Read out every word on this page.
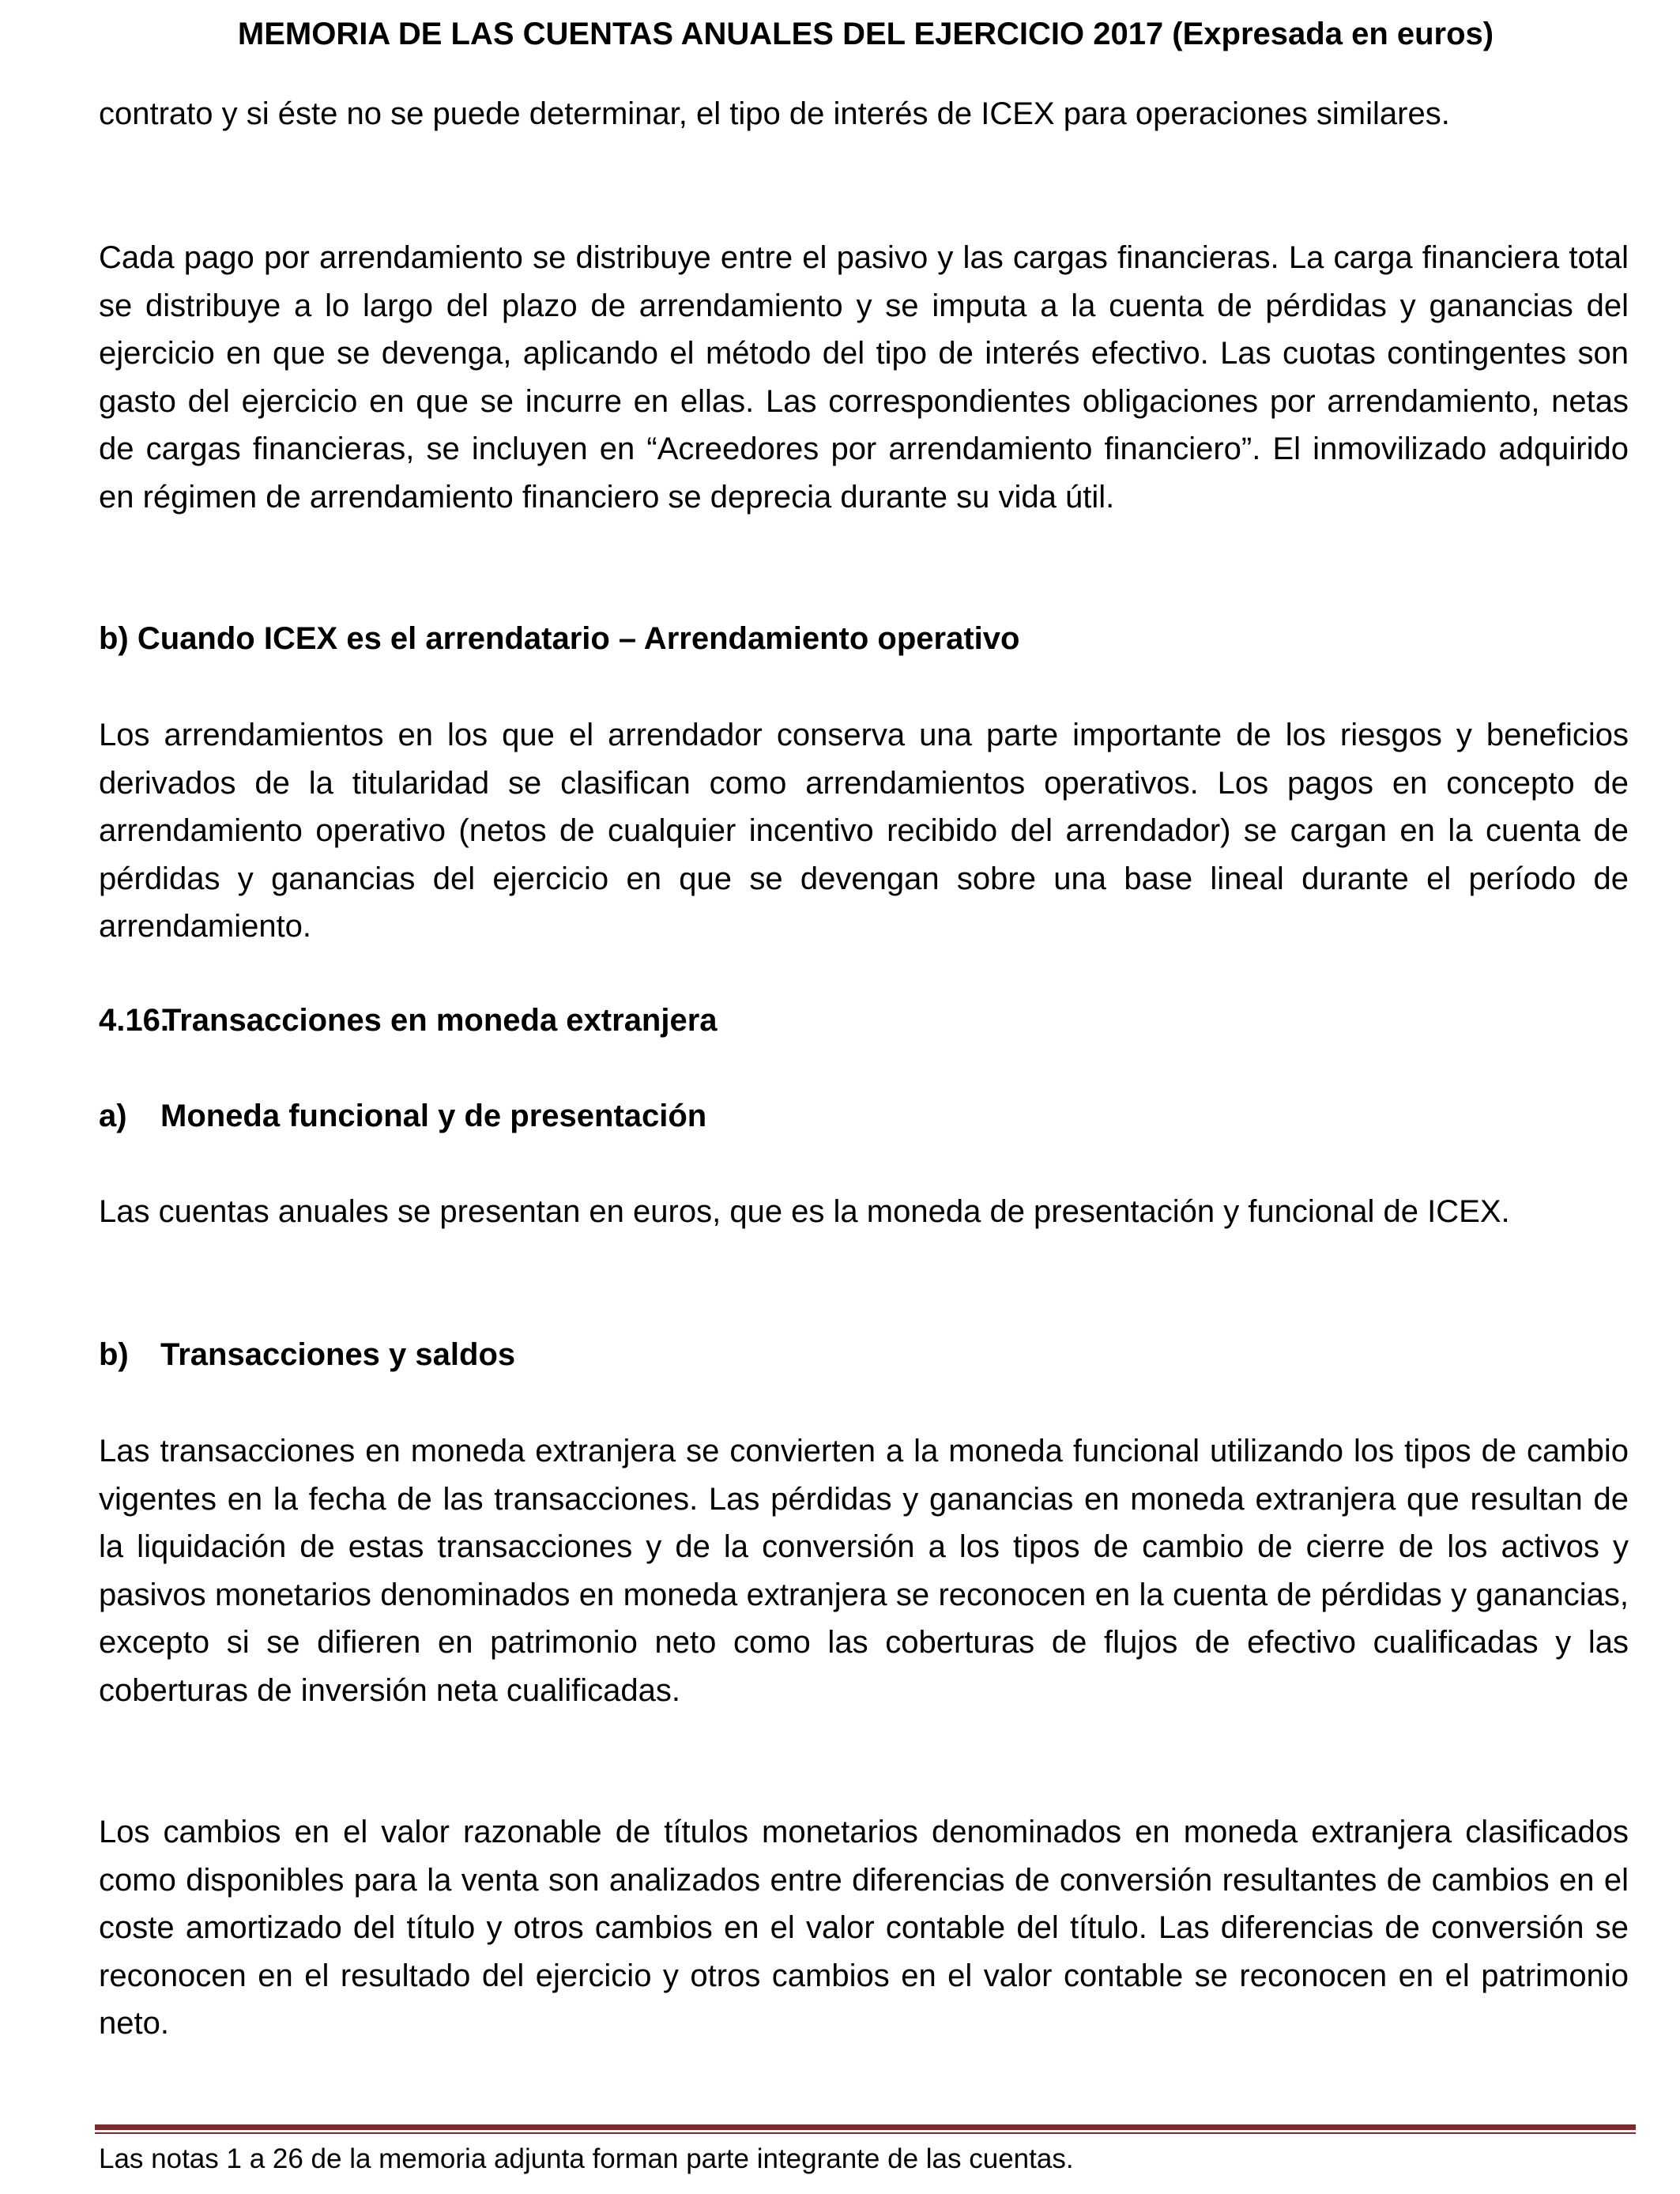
MEMORIA DE LAS CUENTAS ANUALES DEL EJERCICIO 2017 (Expresada en euros)

contrato y si éste no se puede determinar, el tipo de interés de ICEX para operaciones similares.

Cada pago por arrendamiento se distribuye entre el pasivo y las cargas financieras. La carga financiera total se distribuye a lo largo del plazo de arrendamiento y se imputa a la cuenta de pérdidas y ganancias del ejercicio en que se devenga, aplicando el método del tipo de interés efectivo. Las cuotas contingentes son gasto del ejercicio en que se incurre en ellas. Las correspondientes obligaciones por arrendamiento, netas de cargas financieras, se incluyen en “Acreedores por arrendamiento financiero”. El inmovilizado adquirido en régimen de arrendamiento financiero se deprecia durante su vida útil.

b) Cuando ICEX es el arrendatario – Arrendamiento operativo

Los arrendamientos en los que el arrendador conserva una parte importante de los riesgos y beneficios derivados de la titularidad se clasifican como arrendamientos operativos. Los pagos en concepto de arrendamiento operativo (netos de cualquier incentivo recibido del arrendador) se cargan en la cuenta de pérdidas y ganancias del ejercicio en que se devengan sobre una base lineal durante el período de arrendamiento.

4.16.Transacciones en moneda extranjera

a) Moneda funcional y de presentación

Las cuentas anuales se presentan en euros, que es la moneda de presentación y funcional de ICEX.

b) Transacciones y saldos

Las transacciones en moneda extranjera se convierten a la moneda funcional utilizando los tipos de cambio vigentes en la fecha de las transacciones. Las pérdidas y ganancias en moneda extranjera que resultan de la liquidación de estas transacciones y de la conversión a los tipos de cambio de cierre de los activos y pasivos monetarios denominados en moneda extranjera se reconocen en la cuenta de pérdidas y ganancias, excepto si se difieren en patrimonio neto como las coberturas de flujos de efectivo cualificadas y las coberturas de inversión neta cualificadas.

Los cambios en el valor razonable de títulos monetarios denominados en moneda extranjera clasificados como disponibles para la venta son analizados entre diferencias de conversión resultantes de cambios en el coste amortizado del título y otros cambios en el valor contable del título. Las diferencias de conversión se reconocen en el resultado del ejercicio y otros cambios en el valor contable se reconocen en el patrimonio neto.

Las notas 1 a 26 de la memoria adjunta forman parte integrante de las cuentas.
